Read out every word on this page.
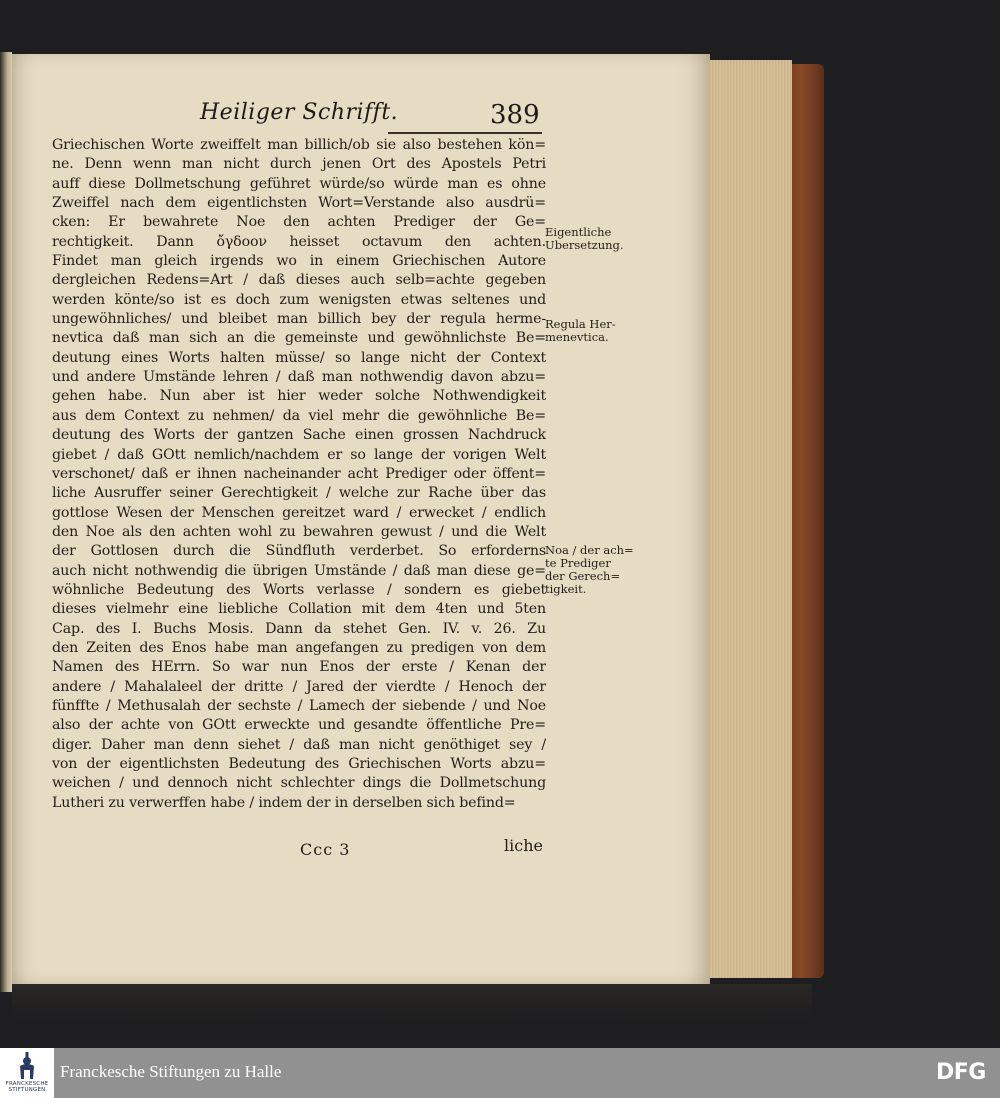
Heiliger Schrifft.	389
Griechischen Worte zweiffelt man billich/ob sie also bestehen kön=
ne. Denn wenn man nicht durch jenen Ort des Apostels Petri
auff diese Dollmetschung geführet würde/so würde man es ohne
Zweiffel nach dem eigentlichsten Wort=Verstande also ausdrü=
cken: Er bewahrete Noe den achten Prediger der Ge=
rechtigkeit. Dann ὄγδοον heisset octavum den achten.
Findet man gleich irgends wo in einem Griechischen Autore
dergleichen Redens=Art / daß dieses auch selb=achte gegeben
werden könte/so ist es doch zum wenigsten etwas seltenes und
ungewöhnliches/ und bleibet man billich bey der regula herme-
nevtica daß man sich an die gemeinste und gewöhnlichste Be=
deutung eines Worts halten müsse/ so lange nicht der Context
und andere Umstände lehren / daß man nothwendig davon abzu=
gehen habe. Nun aber ist hier weder solche Nothwendigkeit
aus dem Context zu nehmen/ da viel mehr die gewöhnliche Be=
deutung des Worts der gantzen Sache einen grossen Nachdruck
giebet / daß GOtt nemlich/nachdem er so lange der vorigen Welt
verschonet/ daß er ihnen nacheinander acht Prediger oder öffent=
liche Ausruffer seiner Gerechtigkeit / welche zur Rache über das
gottlose Wesen der Menschen gereitzet ward / erwecket / endlich
den Noe als den achten wohl zu bewahren gewust / und die Welt
der Gottlosen durch die Sündfluth verderbet. So erforderns
auch nicht nothwendig die übrigen Umstände / daß man diese ge=
wöhnliche Bedeutung des Worts verlasse / sondern es giebet
dieses vielmehr eine liebliche Collation mit dem 4ten und 5ten
Cap. des I. Buchs Mosis. Dann da stehet Gen. IV. v. 26. Zu
den Zeiten des Enos habe man angefangen zu predigen von dem
Namen des HErrn. So war nun Enos der erste / Kenan der
andere / Mahalaleel der dritte / Jared der vierdte / Henoch der
fünffte / Methusalah der sechste / Lamech der siebende / und Noe
also der achte von GOtt erweckte und gesandte öffentliche Pre=
diger. Daher man denn siehet / daß man nicht genöthiget sey /
von der eigentlichsten Bedeutung des Griechischen Worts abzu=
weichen / und dennoch nicht schlechter dings die Dollmetschung
Lutheri zu verwerffen habe / indem der in derselben sich befind=
Ccc 3	liche
Eigentliche
Ubersetzung.
Regula Her-
menevtica.
Noa / der ach=
te Prediger
der Gerech=
tigkeit.
FRANCKESCHE
STIFTUNGEN
Franckesche Stiftungen zu Halle	DFG
